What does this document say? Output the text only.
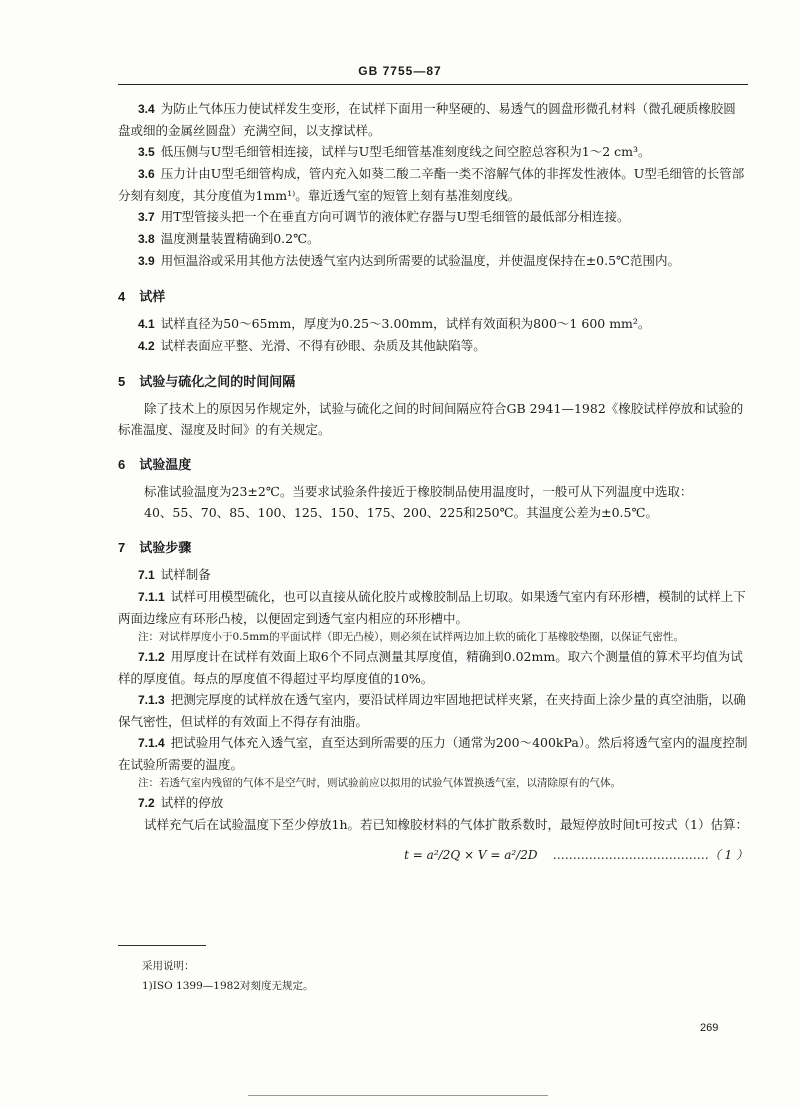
GB 7755—87

3.4 为防止气体压力使试样发生变形，在试样下面用一种坚硬的、易透气的圆盘形微孔材料（微孔硬质橡胶圆盘或细的金属丝圆盘）充满空间，以支撑试样。

3.5 低压侧与U型毛细管相连接，试样与U型毛细管基准刻度线之间空腔总容积为1～2 cm³。

3.6 压力计由U型毛细管构成，管内充入如葵二酸二辛酯一类不溶解气体的非挥发性液体。U型毛细管的长管部分刻有刻度，其分度值为1mm¹⁾。靠近透气室的短管上刻有基准刻度线。

3.7 用T型管接头把一个在垂直方向可调节的液体贮存器与U型毛细管的最低部分相连接。

3.8 温度测量装置精确到0.2℃。

3.9 用恒温浴或采用其他方法使透气室内达到所需要的试验温度，并使温度保持在±0.5℃范围内。

4 试样

4.1 试样直径为50～65mm，厚度为0.25～3.00mm，试样有效面积为800～1 600 mm²。

4.2 试样表面应平整、光滑、不得有砂眼、杂质及其他缺陷等。

5 试验与硫化之间的时间间隔

除了技术上的原因另作规定外，试验与硫化之间的时间间隔应符合GB 2941—1982《橡胶试样停放和试验的标准温度、湿度及时间》的有关规定。

6 试验温度

标准试验温度为23±2℃。当要求试验条件接近于橡胶制品使用温度时，一般可从下列温度中选取：

40、55、70、85、100、125、150、175、200、225和250℃。其温度公差为±0.5℃。

7 试验步骤

7.1 试样制备

7.1.1 试样可用模型硫化，也可以直接从硫化胶片或橡胶制品上切取。如果透气室内有环形槽，模制的试样上下两面边缘应有环形凸棱，以便固定到透气室内相应的环形槽中。

注：对试样厚度小于0.5mm的平面试样（即无凸棱），则必须在试样两边加上软的硫化丁基橡胶垫圈，以保证气密性。

7.1.2 用厚度计在试样有效面上取6个不同点测量其厚度值，精确到0.02mm。取六个测量值的算术平均值为试样的厚度值。每点的厚度值不得超过平均厚度值的10%。

7.1.3 把测完厚度的试样放在透气室内，要沿试样周边牢固地把试样夹紧，在夹持面上涂少量的真空油脂，以确保气密性，但试样的有效面上不得存有油脂。

7.1.4 把试验用气体充入透气室，直至达到所需要的压力（通常为200～400kPa）。然后将透气室内的温度控制在试验所需要的温度。

注：若透气室内残留的气体不是空气时，则试验前应以拟用的试验气体置换透气室，以清除原有的气体。

7.2 试样的停放

试样充气后在试验温度下至少停放1h。若已知橡胶材料的气体扩散系数时，最短停放时间t可按式（1）估算：

t = a²/2Q × V = a²/2D …………………………………（ 1 ）
采用说明：
1)ISO 1399—1982对刻度无规定。
269
